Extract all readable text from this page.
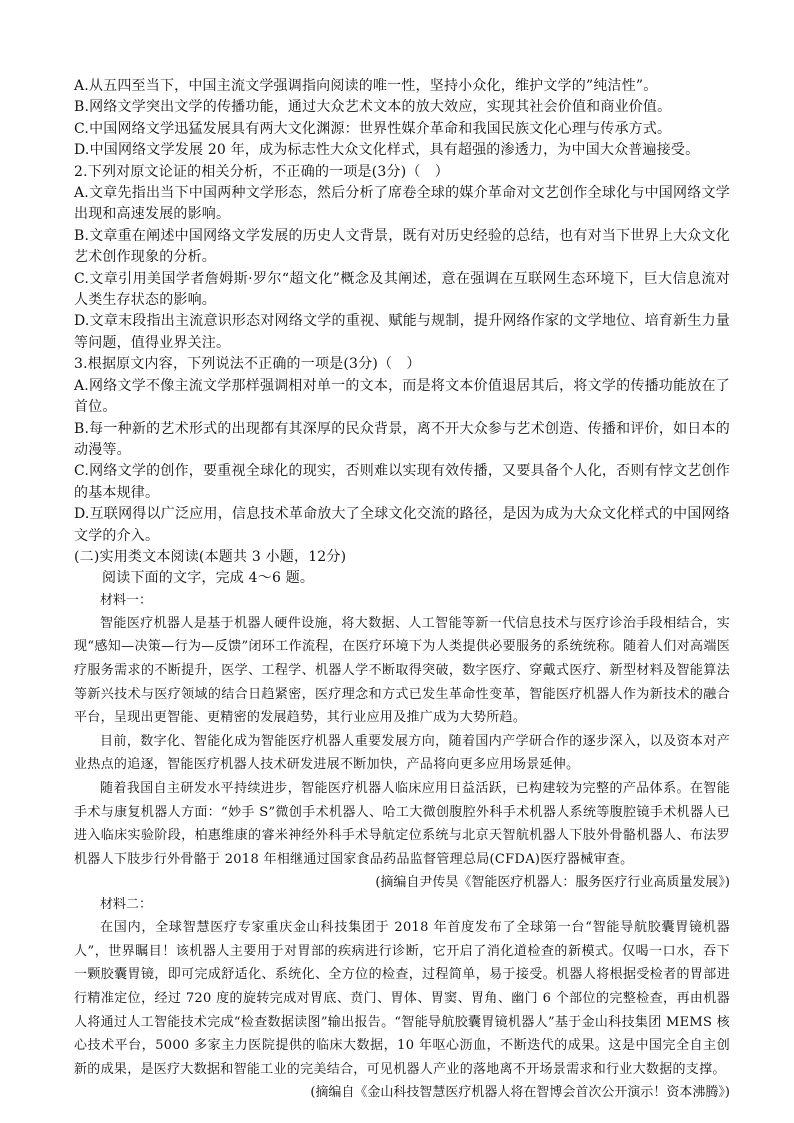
A.从五四至当下，中国主流文学强调指向阅读的唯一性，坚持小众化，维护文学的”纯洁性”。

B.网络文学突出文学的传播功能，通过大众艺术文本的放大效应，实现其社会价值和商业价值。

C.中国网络文学迅猛发展具有两大文化渊源：世界性媒介革命和我国民族文化心理与传承方式。

D.中国网络文学发展 20 年，成为标志性大众文化样式，具有超强的渗透力，为中国大众普遍接受。

2.下列对原文论证的相关分析，不正确的一项是(3分)（　）

A.文章先指出当下中国两种文学形态，然后分析了席卷全球的媒介革命对文艺创作全球化与中国网络文学出现和高速发展的影响。

B.文章重在阐述中国网络文学发展的历史人文背景，既有对历史经验的总结，也有对当下世界上大众文化艺术创作现象的分析。

C.文章引用美国学者詹姆斯·罗尔“超文化”概念及其阐述，意在强调在互联网生态环境下，巨大信息流对人类生存状态的影响。

D.文章末段指出主流意识形态对网络文学的重视、赋能与规制，提升网络作家的文学地位、培育新生力量等问题，值得业界关注。

3.根据原文内容，下列说法不正确的一项是(3分)（　）

A.网络文学不像主流文学那样强调相对单一的文本，而是将文本价值退居其后，将文学的传播功能放在了首位。

B.每一种新的艺术形式的出现都有其深厚的民众背景，离不开大众参与艺术创造、传播和评价，如日本的动漫等。

C.网络文学的创作，要重视全球化的现实，否则难以实现有效传播，又要具备个人化，否则有悖文艺创作的基本规律。

D.互联网得以广泛应用，信息技术革命放大了全球文化交流的路径，是因为成为大众文化样式的中国网络文学的介入。

(二)实用类文本阅读(本题共 3 小题，12分)

阅读下面的文字，完成 4～6 题。

材料一：

智能医疗机器人是基于机器人硬件设施，将大数据、人工智能等新一代信息技术与医疗诊治手段相结合，实现“感知—决策—行为—反馈”闭环工作流程，在医疗环境下为人类提供必要服务的系统统称。随着人们对高端医疗服务需求的不断提升，医学、工程学、机器人学不断取得突破，数字医疗、穿戴式医疗、新型材料及智能算法等新兴技术与医疗领域的结合日趋紧密，医疗理念和方式已发生革命性变革，智能医疗机器人作为新技术的融合平台，呈现出更智能、更精密的发展趋势，其行业应用及推广成为大势所趋。

目前，数字化、智能化成为智能医疗机器人重要发展方向，随着国内产学研合作的逐步深入，以及资本对产业热点的追逐，智能医疗机器人技术研发进展不断加快，产品将向更多应用场景延伸。

随着我国自主研发水平持续进步，智能医疗机器人临床应用日益活跃，已构建较为完整的产品体系。在智能手术与康复机器人方面：“妙手 S”微创手术机器人、哈工大微创腹腔外科手术机器人系统等腹腔镜手术机器人已进入临床实验阶段，柏惠维康的睿米神经外科手术导航定位系统与北京天智航机器人下肢外骨骼机器人、布法罗机器人下肢步行外骨骼于 2018 年相继通过国家食品药品监督管理总局(CFDA)医疗器械审查。

(摘编自尹传昊《智能医疗机器人：服务医疗行业高质量发展》)

材料二：

在国内，全球智慧医疗专家重庆金山科技集团于 2018 年首度发布了全球第一台“智能导航胶囊胃镜机器人”，世界瞩目！该机器人主要用于对胃部的疾病进行诊断，它开启了消化道检查的新模式。仅喝一口水，吞下一颗胶囊胃镜，即可完成舒适化、系统化、全方位的检查，过程简单，易于接受。机器人将根据受检者的胃部进行精准定位，经过 720 度的旋转完成对胃底、贲门、胃体、胃窦、胃角、幽门 6 个部位的完整检查，再由机器人将通过人工智能技术完成“检查数据读图”输出报告。“智能导航胶囊胃镜机器人”基于金山科技集团 MEMS 核心技术平台，5000 多家主力医院提供的临床大数据，10 年呕心沥血，不断迭代的成果。这是中国完全自主创新的成果，是医疗大数据和智能工业的完美结合，可见机器人产业的落地离不开场景需求和行业大数据的支撑。

(摘编自《金山科技智慧医疗机器人将在智博会首次公开演示！资本沸腾》)
